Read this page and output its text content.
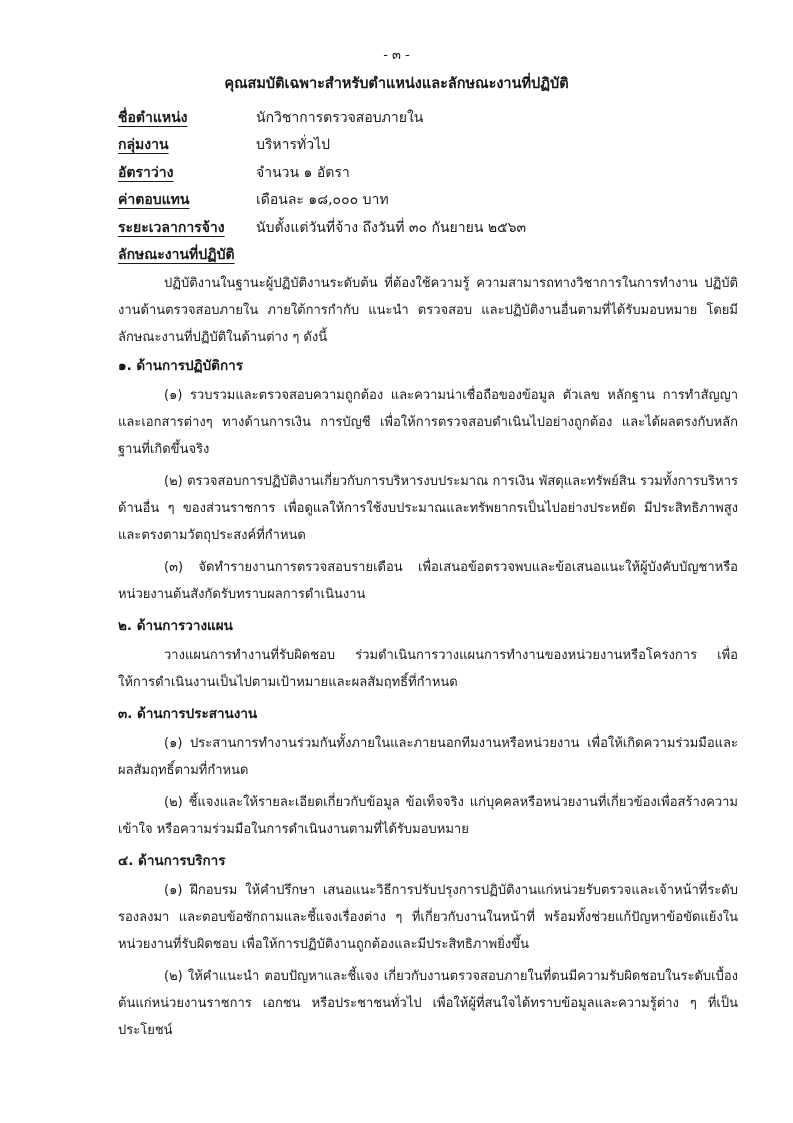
- ๓ -
คุณสมบัติเฉพาะสำหรับตำแหน่งและลักษณะงานที่ปฏิบัติ
ชื่อตำแหน่ง	นักวิชาการตรวจสอบภายใน
กลุ่มงาน	บริหารทั่วไป
อัตราว่าง	จำนวน ๑ อัตรา
ค่าตอบแทน	เดือนละ ๑๘,๐๐๐ บาท
ระยะเวลาการจ้าง	นับตั้งแต่วันที่จ้าง ถึงวันที่ ๓๐ กันยายน ๒๕๖๓
ลักษณะงานที่ปฏิบัติ

ปฏิบัติงานในฐานะผู้ปฏิบัติงานระดับต้น ที่ต้องใช้ความรู้ ความสามารถทางวิชาการในการทำงาน ปฏิบัติงานด้านตรวจสอบภายใน ภายใต้การกำกับ แนะนำ ตรวจสอบ และปฏิบัติงานอื่นตามที่ได้รับมอบหมาย โดยมีลักษณะงานที่ปฏิบัติในด้านต่าง ๆ ดังนี้

๑. ด้านการปฏิบัติการ

(๑) รวบรวมและตรวจสอบความถูกต้อง และความน่าเชื่อถือของข้อมูล ตัวเลข หลักฐาน การทำสัญญาและเอกสารต่างๆ ทางด้านการเงิน การบัญชี เพื่อให้การตรวจสอบดำเนินไปอย่างถูกต้อง และได้ผลตรงกับหลักฐานที่เกิดขึ้นจริง

(๒) ตรวจสอบการปฏิบัติงานเกี่ยวกับการบริหารงบประมาณ การเงิน พัสดุและทรัพย์สิน รวมทั้งการบริหารด้านอื่น ๆ ของส่วนราชการ เพื่อดูแลให้การใช้งบประมาณและทรัพยากรเป็นไปอย่างประหยัด มีประสิทธิภาพสูง และตรงตามวัตถุประสงค์ที่กำหนด

(๓) จัดทำรายงานการตรวจสอบรายเดือน เพื่อเสนอข้อตรวจพบและข้อเสนอแนะให้ผู้บังคับบัญชาหรือหน่วยงานต้นสังกัดรับทราบผลการดำเนินงาน

๒. ด้านการวางแผน

วางแผนการทำงานที่รับผิดชอบ ร่วมดำเนินการวางแผนการทำงานของหน่วยงานหรือโครงการ เพื่อให้การดำเนินงานเป็นไปตามเป้าหมายและผลสัมฤทธิ์ที่กำหนด

๓. ด้านการประสานงาน

(๑) ประสานการทำงานร่วมกันทั้งภายในและภายนอกทีมงานหรือหน่วยงาน เพื่อให้เกิดความร่วมมือและผลสัมฤทธิ์ตามที่กำหนด

(๒) ชี้แจงและให้รายละเอียดเกี่ยวกับข้อมูล ข้อเท็จจริง แก่บุคคลหรือหน่วยงานที่เกี่ยวข้องเพื่อสร้างความเข้าใจ หรือความร่วมมือในการดำเนินงานตามที่ได้รับมอบหมาย

๔. ด้านการบริการ

(๑) ฝึกอบรม ให้คำปรึกษา เสนอแนะวิธีการปรับปรุงการปฏิบัติงานแก่หน่วยรับตรวจและเจ้าหน้าที่ระดับรองลงมา และตอบข้อซักถามและชี้แจงเรื่องต่าง ๆ ที่เกี่ยวกับงานในหน้าที่ พร้อมทั้งช่วยแก้ปัญหาข้อขัดแย้งในหน่วยงานที่รับผิดชอบ เพื่อให้การปฏิบัติงานถูกต้องและมีประสิทธิภาพยิ่งขึ้น

(๒) ให้คำแนะนำ ตอบปัญหาและชี้แจง เกี่ยวกับงานตรวจสอบภายในที่ตนมีความรับผิดชอบในระดับเบื้องต้นแก่หน่วยงานราชการ เอกชน หรือประชาชนทั่วไป เพื่อให้ผู้ที่สนใจได้ทราบข้อมูลและความรู้ต่าง ๆ ที่เป็นประโยชน์
